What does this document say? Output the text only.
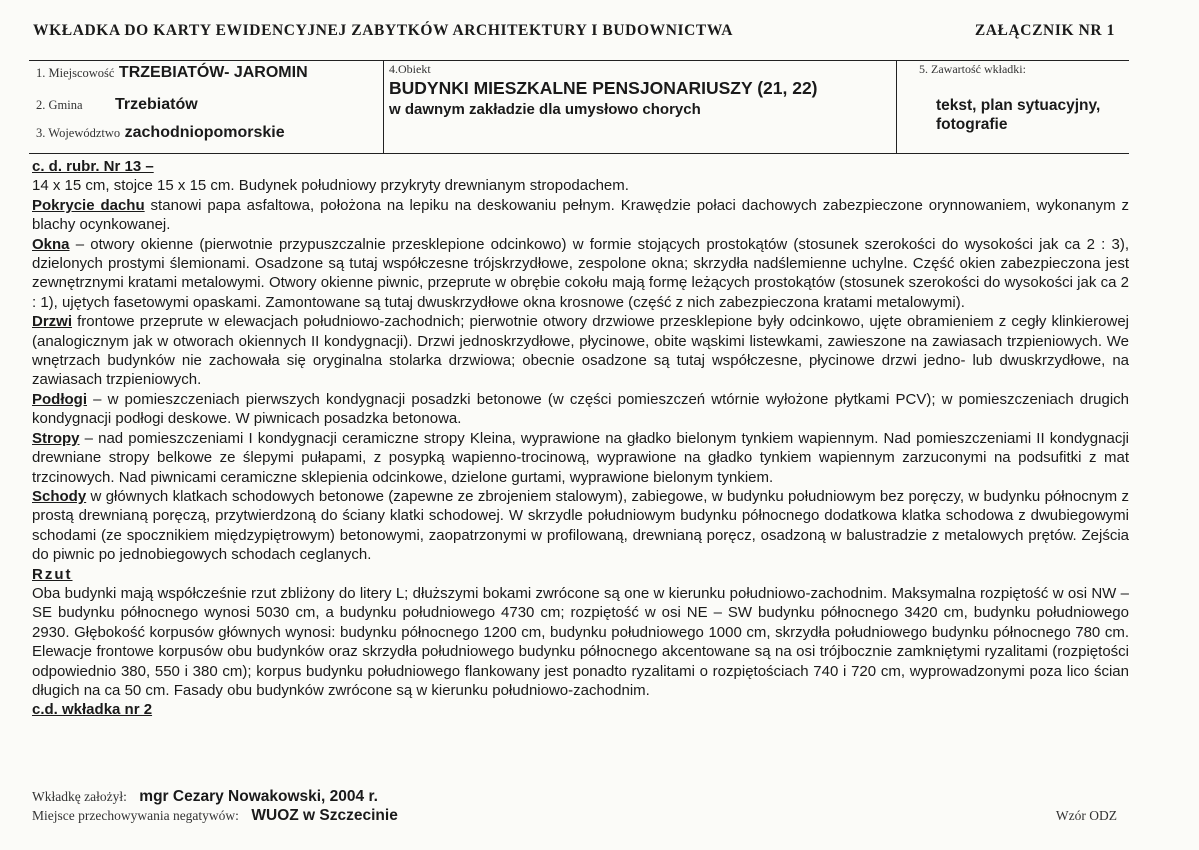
WKŁADKA DO KARTY EWIDENCYJNEJ ZABYTKÓW ARCHITEKTURY I BUDOWNICTWA	ZAŁĄCZNIK NR 1
1. Miejscowość TRZEBIATÓW- JAROMIN
2. Gmina Trzebiatów
3. Województwo zachodniopomorskie
4.Obiekt
BUDYNKI MIESZKALNE PENSJONARIUSZY (21, 22)
w dawnym zakładzie dla umysłowo chorych
5. Zawartość wkładki:
tekst, plan sytuacyjny, fotografie

c. d. rubr. Nr 13 –

14 x 15 cm, stojce 15 x 15 cm. Budynek południowy przykryty drewnianym stropodachem.

Pokrycie dachu stanowi papa asfaltowa, położona na lepiku na deskowaniu pełnym. Krawędzie połaci dachowych zabezpieczone orynnowaniem, wykonanym z blachy ocynkowanej.

Okna – otwory okienne (pierwotnie przypuszczalnie przesklepione odcinkowo) w formie stojących prostokątów (stosunek szerokości do wysokości jak ca 2 : 3), dzielonych prostymi ślemionami. Osadzone są tutaj współczesne trójskrzydłowe, zespolone okna; skrzydła nadślemienne uchylne. Część okien zabezpieczona jest zewnętrznymi kratami metalowymi. Otwory okienne piwnic, przeprute w obrębie cokołu mają formę leżących prostokątów (stosunek szerokości do wysokości jak ca 2 : 1), ujętych fasetowymi opaskami. Zamontowane są tutaj dwuskrzydłowe okna krosnowe (część z nich zabezpieczona kratami metalowymi).

Drzwi frontowe przeprute w elewacjach południowo-zachodnich; pierwotnie otwory drzwiowe przesklepione były odcinkowo, ujęte obramieniem z cegły klinkierowej (analogicznym jak w otworach okiennych II kondygnacji). Drzwi jednoskrzydłowe, płycinowe, obite wąskimi listewkami, zawieszone na zawiasach trzpieniowych. We wnętrzach budynków nie zachowała się oryginalna stolarka drzwiowa; obecnie osadzone są tutaj współczesne, płycinowe drzwi jedno- lub dwuskrzydłowe, na zawiasach trzpieniowych.

Podłogi – w pomieszczeniach pierwszych kondygnacji posadzki betonowe (w części pomieszczeń wtórnie wyłożone płytkami PCV); w pomieszczeniach drugich kondygnacji podłogi deskowe. W piwnicach posadzka betonowa.

Stropy – nad pomieszczeniami I kondygnacji ceramiczne stropy Kleina, wyprawione na gładko bielonym tynkiem wapiennym. Nad pomieszczeniami II kondygnacji drewniane stropy belkowe ze ślepymi pułapami, z posypką wapienno-trocinową, wyprawione na gładko tynkiem wapiennym zarzuconymi na podsufitki z mat trzcinowych. Nad piwnicami ceramiczne sklepienia odcinkowe, dzielone gurtami, wyprawione bielonym tynkiem.

Schody w głównych klatkach schodowych betonowe (zapewne ze zbrojeniem stalowym), zabiegowe, w budynku południowym bez poręczy, w budynku północnym z prostą drewnianą poręczą, przytwierdzoną do ściany klatki schodowej. W skrzydle południowym budynku północnego dodatkowa klatka schodowa z dwubiegowymi schodami (ze spocznikiem międzypiętrowym) betonowymi, zaopatrzonymi w profilowaną, drewnianą poręcz, osadzoną w balustradzie z metalowych prętów. Zejścia do piwnic po jednobiegowych schodach ceglanych.

Rzut

Oba budynki mają współcześnie rzut zbliżony do litery L; dłuższymi bokami zwrócone są one w kierunku południowo-zachodnim. Maksymalna rozpiętość w osi NW – SE budynku północnego wynosi 5030 cm, a budynku południowego 4730 cm; rozpiętość w osi NE – SW budynku północnego 3420 cm, budynku południowego 2930. Głębokość korpusów głównych wynosi: budynku północnego 1200 cm, budynku południowego 1000 cm, skrzydła południowego budynku północnego 780 cm. Elewacje frontowe korpusów obu budynków oraz skrzydła południowego budynku północnego akcentowane są na osi trójbocznie zamkniętymi ryzalitami (rozpiętości odpowiednio 380, 550 i 380 cm); korpus budynku południowego flankowany jest ponadto ryzalitami o rozpiętościach 740 i 720 cm, wyprowadzonymi poza lico ścian długich na ca 50 cm. Fasady obu budynków zwrócone są w kierunku południowo-zachodnim.

c.d. wkładka nr 2

Wkładkę założył: mgr Cezary Nowakowski, 2004 r.
Miejsce przechowywania negatywów: WUOZ w Szczecinie	Wzór ODZ
